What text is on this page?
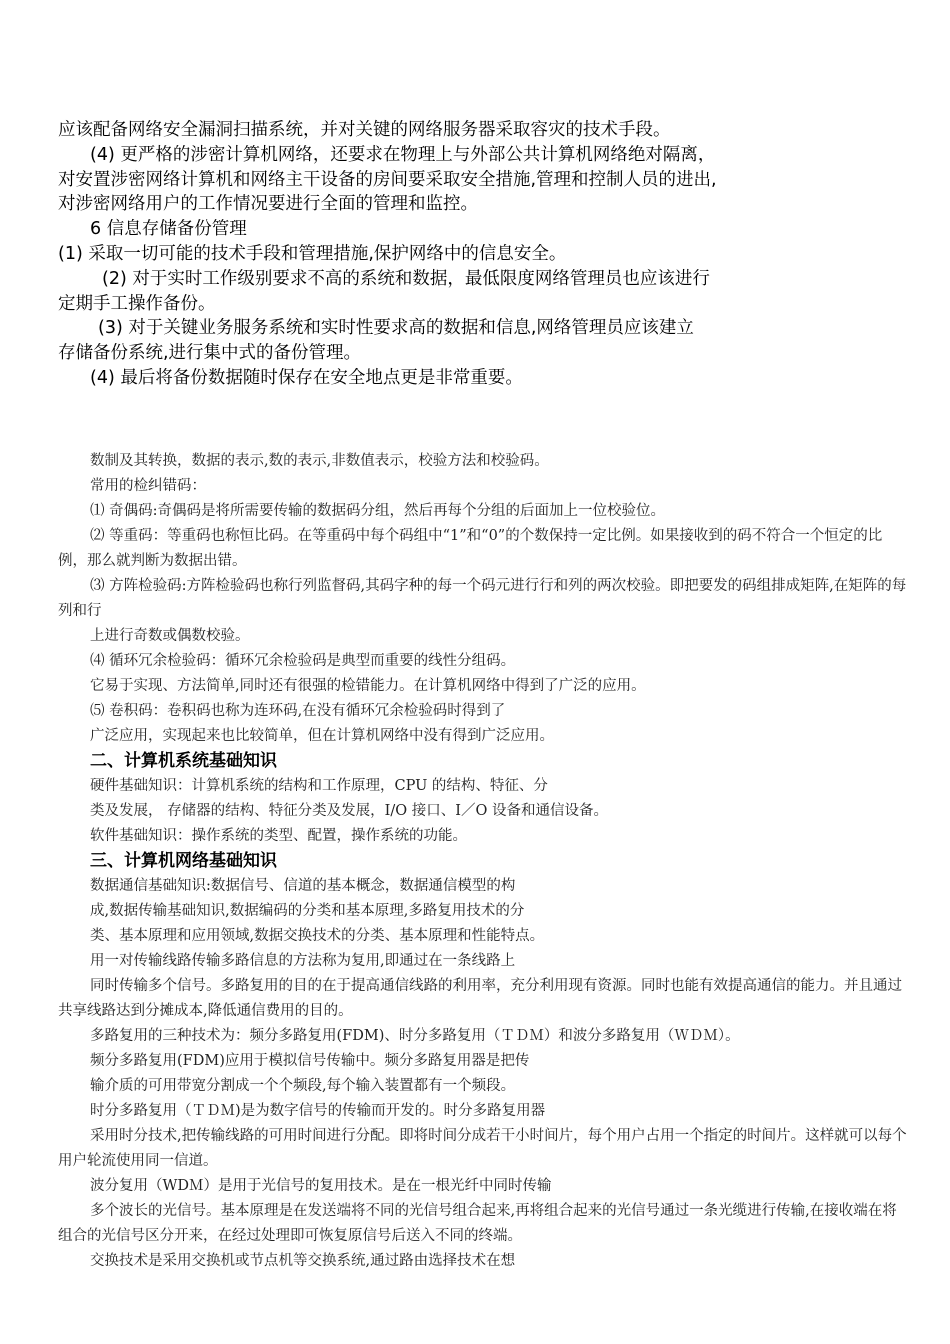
应该配备网络安全漏洞扫描系统，并对关键的网络服务器采取容灾的技术手段。
(4) 更严格的涉密计算机网络，还要求在物理上与外部公共计算机网络绝对隔离，
对安置涉密网络计算机和网络主干设备的房间要采取安全措施,管理和控制人员的进出,
对涉密网络用户的工作情况要进行全面的管理和监控。
6 信息存储备份管理
(1) 采取一切可能的技术手段和管理措施,保护网络中的信息安全。
(2) 对于实时工作级别要求不高的系统和数据，最低限度网络管理员也应该进行
定期手工操作备份。
(3) 对于关键业务服务系统和实时性要求高的数据和信息,网络管理员应该建立
存储备份系统,进行集中式的备份管理。
(4) 最后将备份数据随时保存在安全地点更是非常重要。
数制及其转换，数据的表示,数的表示,非数值表示，校验方法和校验码。
常用的检纠错码：
⑴ 奇偶码:奇偶码是将所需要传输的数据码分组，然后再每个分组的后面加上一位校验位。
⑵ 等重码：等重码也称恒比码。在等重码中每个码组中“1”和“0”的个数保持一定比例。如果接收到的码不符合一个恒定的比例，那么就判断为数据出错。
⑶ 方阵检验码:方阵检验码也称行列监督码,其码字种的每一个码元进行行和列的两次校验。即把要发的码组排成矩阵,在矩阵的每列和行
上进行奇数或偶数校验。
⑷ 循环冗余检验码：循环冗余检验码是典型而重要的线性分组码。
它易于实现、方法简单,同时还有很强的检错能力。在计算机网络中得到了广泛的应用。
⑸ 卷积码：卷积码也称为连环码,在没有循环冗余检验码时得到了
广泛应用，实现起来也比较简单，但在计算机网络中没有得到广泛应用。
二、计算机系统基础知识
硬件基础知识：计算机系统的结构和工作原理，CPU 的结构、特征、分
类及发展， 存储器的结构、特征分类及发展，I/O 接口、I／O 设备和通信设备。
软件基础知识：操作系统的类型、配置，操作系统的功能。
三、计算机网络基础知识
数据通信基础知识:数据信号、信道的基本概念，数据通信模型的构
成,数据传输基础知识,数据编码的分类和基本原理,多路复用技术的分
类、基本原理和应用领域,数据交换技术的分类、基本原理和性能特点。
用一对传输线路传输多路信息的方法称为复用,即通过在一条线路上
同时传输多个信号。多路复用的目的在于提高通信线路的利用率，充分利用现有资源。同时也能有效提高通信的能力。并且通过共享线路达到分摊成本,降低通信费用的目的。
多路复用的三种技术为：频分多路复用(FDM)、时分多路复用（ＴＤＭ）和波分多路复用（ＷＤＭ）。
频分多路复用(FDM)应用于模拟信号传输中。频分多路复用器是把传
输介质的可用带宽分割成一个个频段,每个输入装置都有一个频段。
时分多路复用（ＴＤＭ)是为数字信号的传输而开发的。时分多路复用器
采用时分技术,把传输线路的可用时间进行分配。即将时间分成若干小时间片，每个用户占用一个指定的时间片。这样就可以每个用户轮流使用同一信道。
波分复用（WDＭ）是用于光信号的复用技术。是在一根光纤中同时传输
多个波长的光信号。基本原理是在发送端将不同的光信号组合起来,再将组合起来的光信号通过一条光缆进行传输,在接收端在将组合的光信号区分开来，在经过处理即可恢复原信号后送入不同的终端。
交换技术是采用交换机或节点机等交换系统,通过路由选择技术在想
